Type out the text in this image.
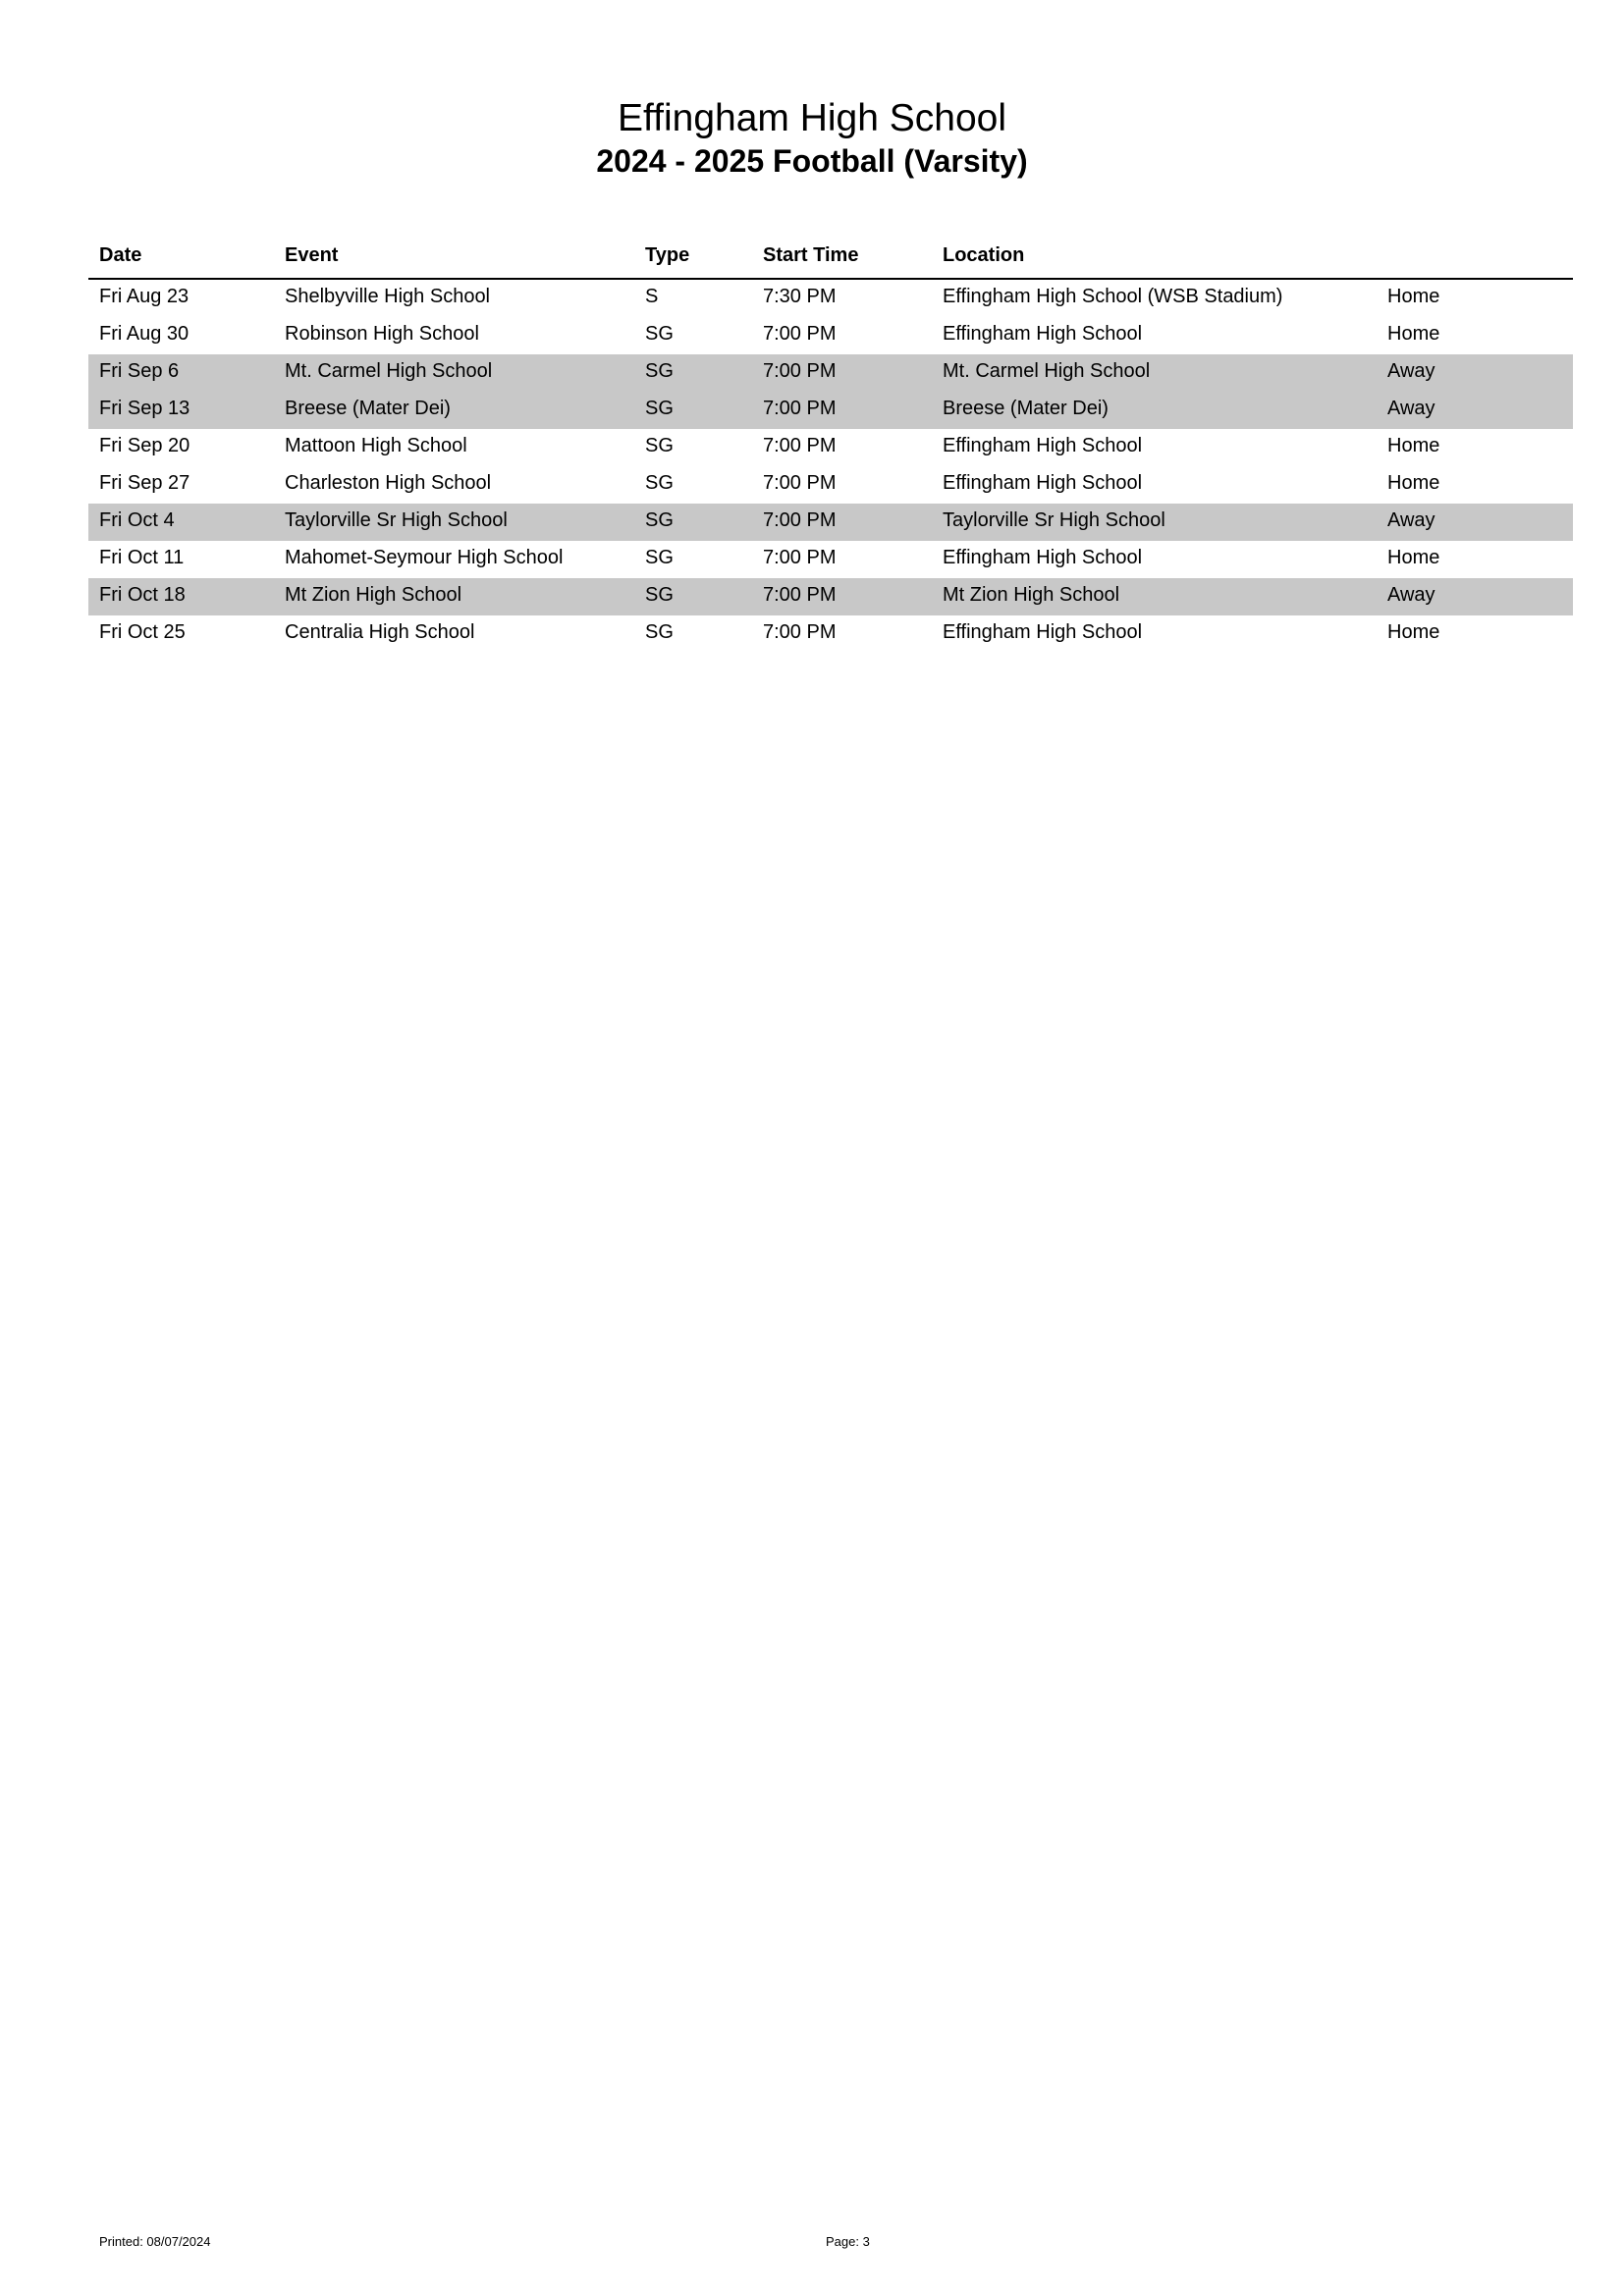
Effingham High School
2024 - 2025 Football (Varsity)
Date	Event	Type	Start Time	Location
Fri Aug 23	Shelbyville High School	S	7:30 PM	Effingham High School (WSB Stadium)	Home
Fri Aug 30	Robinson High School	SG	7:00 PM	Effingham High School	Home
Fri Sep 6	Mt. Carmel High School	SG	7:00 PM	Mt. Carmel High School	Away
Fri Sep 13	Breese (Mater Dei)	SG	7:00 PM	Breese (Mater Dei)	Away
Fri Sep 20	Mattoon High School	SG	7:00 PM	Effingham High School	Home
Fri Sep 27	Charleston High School	SG	7:00 PM	Effingham High School	Home
Fri Oct 4	Taylorville Sr High School	SG	7:00 PM	Taylorville Sr High School	Away
Fri Oct 11	Mahomet-Seymour High School	SG	7:00 PM	Effingham High School	Home
Fri Oct 18	Mt Zion High School	SG	7:00 PM	Mt Zion High School	Away
Fri Oct 25	Centralia High School	SG	7:00 PM	Effingham High School	Home
Printed: 08/07/2024	Page: 3
